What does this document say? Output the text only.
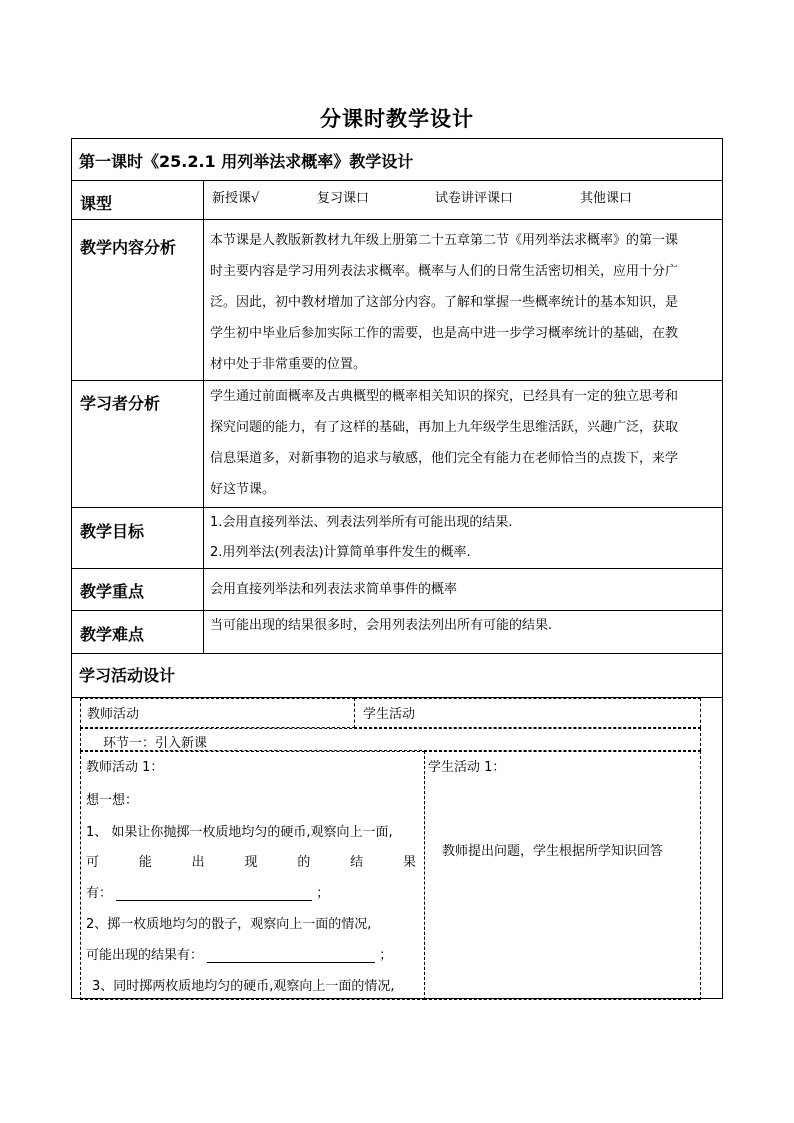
分课时教学设计
第一课时《25.2.1 用列举法求概率》教学设计
课型	新授课√	复习课口	试卷讲评课口	其他课口
教学内容分析	本节课是人教版新教材九年级上册第二十五章第二节《用列举法求概率》的第一课
时主要内容是学习用列表法求概率。概率与人们的日常生活密切相关，应用十分广
泛。因此，初中教材增加了这部分内容。了解和掌握一些概率统计的基本知识，是
学生初中毕业后参加实际工作的需要，也是高中进一步学习概率统计的基础，在教
材中处于非常重要的位置。
学习者分析	学生通过前面概率及古典概型的概率相关知识的探究，已经具有一定的独立思考和
探究问题的能力，有了这样的基础，再加上九年级学生思维活跃，兴趣广泛，获取
信息渠道多，对新事物的追求与敏感，他们完全有能力在老师恰当的点拨下，来学
好这节课。
教学目标	1.会用直接列举法、列表法列举所有可能出现的结果.
2.用列举法(列表法)计算简单事件发生的概率.
教学重点	会用直接列举法和列表法求简单事件的概率
教学难点	当可能出现的结果很多时，会用列表法列出所有可能的结果.
学习活动设计
教师活动	学生活动
环节一：引入新课
教师活动 1：
想一想：
1、 如果让你抛掷一枚质地均匀的硬币,观察向上一面,
可	能	出	现	的	结	果
有：	；
2、掷一枚质地均匀的骰子，观察向上一面的情况,
可能出现的结果有：	；
3、同时掷两枚质地均匀的硬币,观察向上一面的情况,
学生活动 1：
教师提出问题，学生根据所学知识回答
